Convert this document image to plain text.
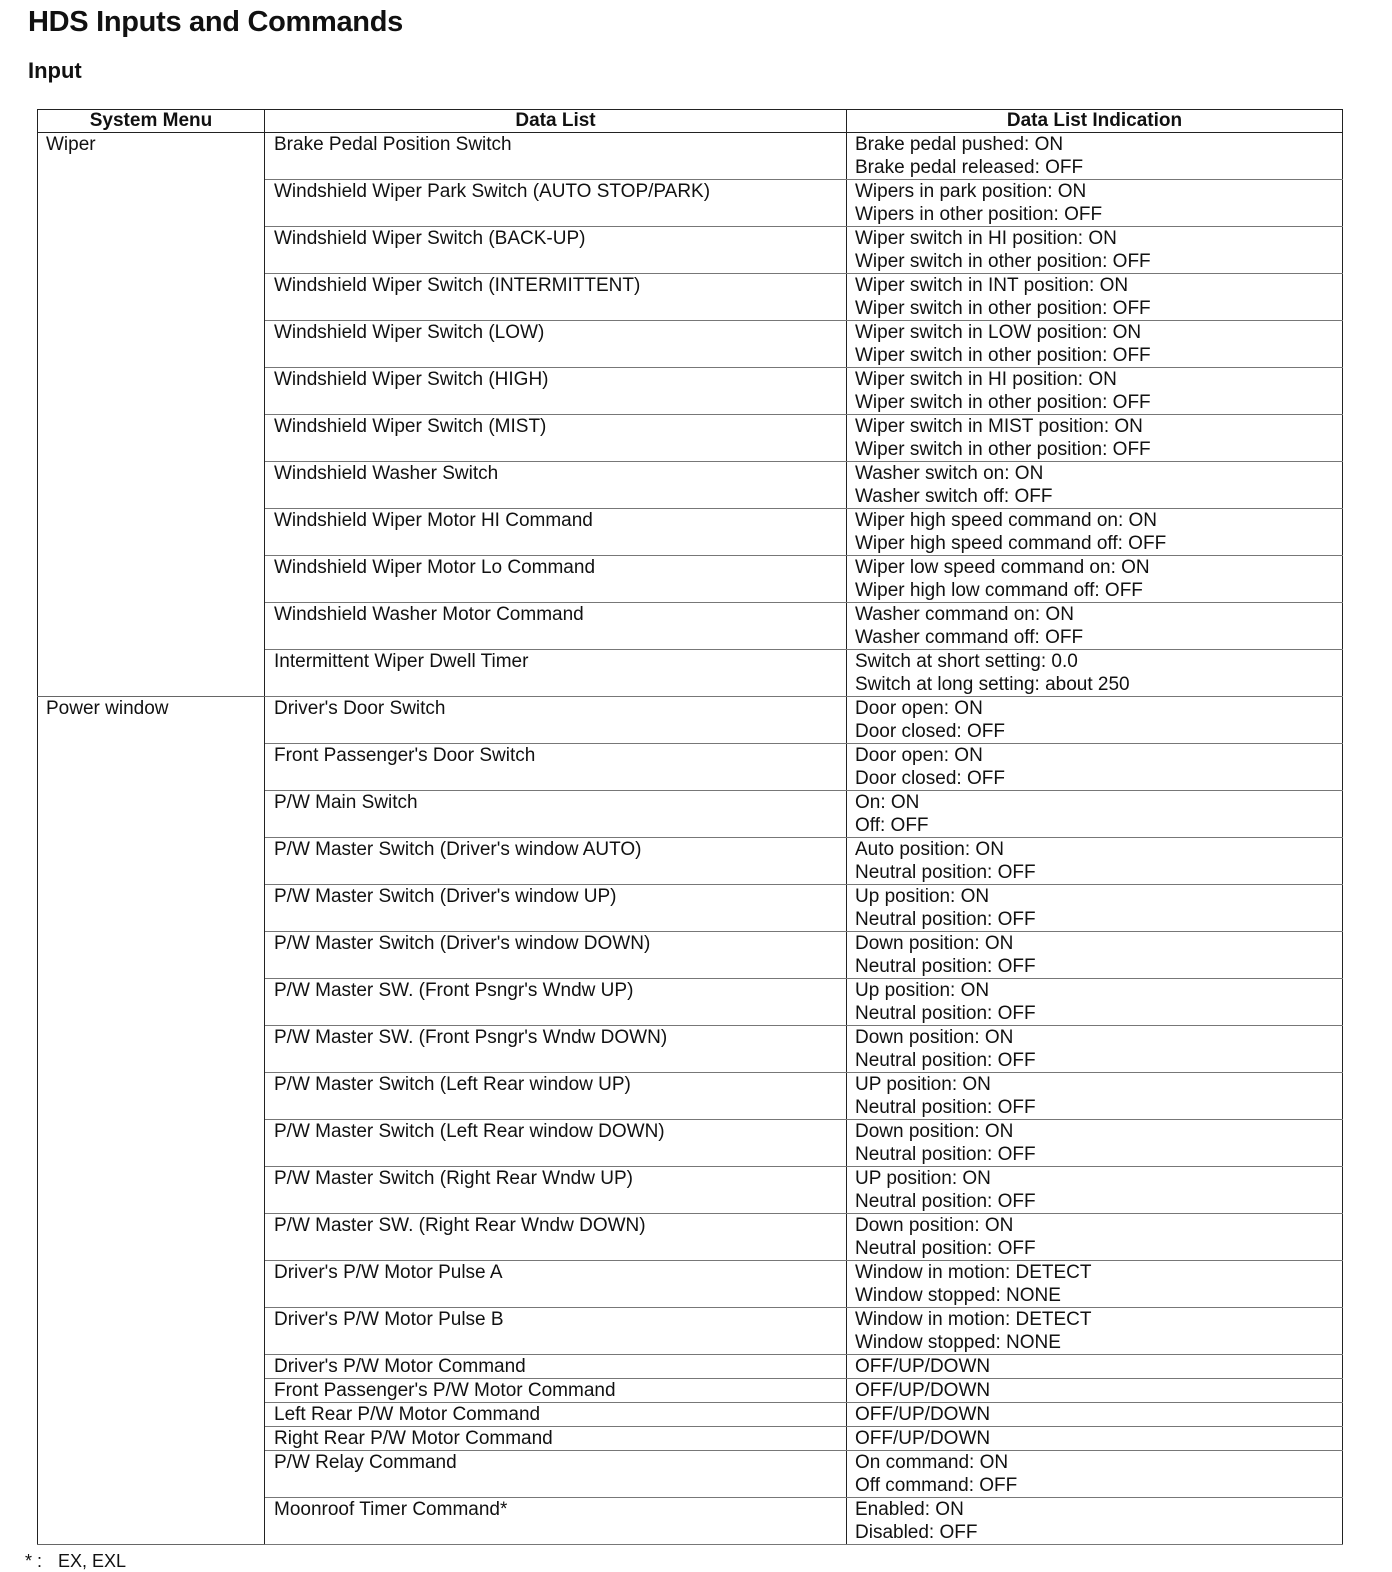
HDS Inputs and Commands
Input
System Menu	Data List	Data List Indication
Wiper	Brake Pedal Position Switch	Brake pedal pushed: ON
Brake pedal released: OFF

	Windshield Wiper Park Switch (AUTO STOP/PARK)	Wipers in park position: ON
Wipers in other position: OFF

	Windshield Wiper Switch (BACK-UP)	Wiper switch in HI position: ON
Wiper switch in other position: OFF

	Windshield Wiper Switch (INTERMITTENT)	Wiper switch in INT position: ON
Wiper switch in other position: OFF

	Windshield Wiper Switch (LOW)	Wiper switch in LOW position: ON
Wiper switch in other position: OFF

	Windshield Wiper Switch (HIGH)	Wiper switch in HI position: ON
Wiper switch in other position: OFF

	Windshield Wiper Switch (MIST)	Wiper switch in MIST position: ON
Wiper switch in other position: OFF

	Windshield Washer Switch	Washer switch on: ON
Washer switch off: OFF

	Windshield Wiper Motor HI Command	Wiper high speed command on: ON
Wiper high speed command off: OFF

	Windshield Wiper Motor Lo Command	Wiper low speed command on: ON
Wiper high low command off: OFF

	Windshield Washer Motor Command	Washer command on: ON
Washer command off: OFF

	Intermittent Wiper Dwell Timer	Switch at short setting: 0.0
Switch at long setting: about 250

Power window	Driver's Door Switch	Door open: ON
Door closed: OFF

	Front Passenger's Door Switch	Door open: ON
Door closed: OFF

	P/W Main Switch	On: ON
Off: OFF

	P/W Master Switch (Driver's window AUTO)	Auto position: ON
Neutral position: OFF

	P/W Master Switch (Driver's window UP)	Up position: ON
Neutral position: OFF

	P/W Master Switch (Driver's window DOWN)	Down position: ON
Neutral position: OFF

	P/W Master SW. (Front Psngr's Wndw UP)	Up position: ON
Neutral position: OFF

	P/W Master SW. (Front Psngr's Wndw DOWN)	Down position: ON
Neutral position: OFF

	P/W Master Switch (Left Rear window UP)	UP position: ON
Neutral position: OFF

	P/W Master Switch (Left Rear window DOWN)	Down position: ON
Neutral position: OFF

	P/W Master Switch (Right Rear Wndw UP)	UP position: ON
Neutral position: OFF

	P/W Master SW. (Right Rear Wndw DOWN)	Down position: ON
Neutral position: OFF

	Driver's P/W Motor Pulse A	Window in motion: DETECT
Window stopped: NONE

	Driver's P/W Motor Pulse B	Window in motion: DETECT
Window stopped: NONE

	Driver's P/W Motor Command	OFF/UP/DOWN

	Front Passenger's P/W Motor Command	OFF/UP/DOWN

	Left Rear P/W Motor Command	OFF/UP/DOWN

	Right Rear P/W Motor Command	OFF/UP/DOWN

	P/W Relay Command	On command: ON
Off command: OFF

	Moonroof Timer Command*	Enabled: ON
Disabled: OFF
* : EX, EXL
